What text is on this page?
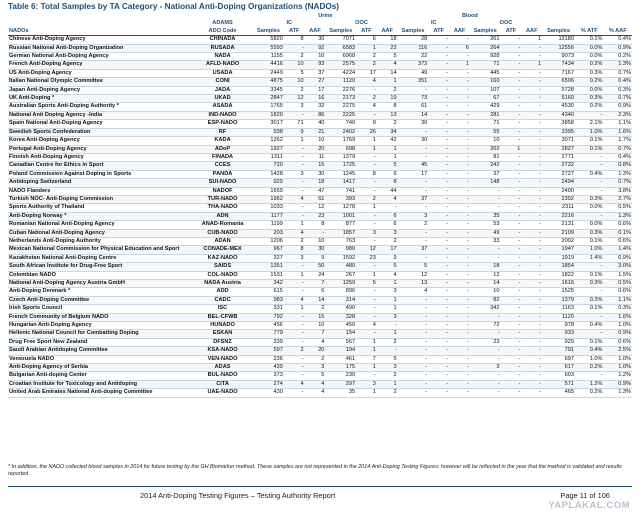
Table 6: Total Samples by TA Category - National Anti-Doping Organizations (NADOs)
		Urine						Blood								
	ADAMS	IC			OOC			IC			OOC					
NADOs	ADO Code	Samples	ATF	AAF	Samples	ATF	AAF	Samples	ATF	AAF	Samples	ATF	AAF	Samples	% ATF	% AAF
Chinese Anti-Doping Agency	CHINADA	5820	8	30	7071	6	18	28	-	-	261	-	1	13180	0.1%	0.4%
Russian National Anti-Doping Organization	RUSADA	5593	-	92	6583	1	22	116	-	6	264	-	-	12556	0.0%	0.9%
German National Anti-Doping Agency	NADA	1155	2	10	6968	2	5	22	-	-	928	-	-	9073	0.0%	0.2%
French Anti-Doping Agency	AFLD-NADO	4416	10	93	2575	2	4	372	-	1	71	-	1	7434	0.2%	1.3%
US Anti-Doping Agency	USADA	2449	5	37	4224	17	14	49	-	-	445	-	-	7167	0.3%	0.7%
Italian National Olympic Committee	CONI	4875	10	27	1120	4	1	351	-	-	160	-	-	6506	0.2%	0.4%
Japan Anti-Doping Agency	JADA	3345	2	17	2276	-	2	-	-	-	107	-	-	5728	0.0%	0.3%
UK Anti-Doping *	UKAD	2847	12	16	2173	2	19	73	-	-	67	-	-	5160	0.3%	0.7%
Australian Sports Anti-Doping Authority *	ASADA	1765	3	32	2275	4	8	61	-	-	429	-	-	4530	0.2%	0.9%
National Anti Doping Agency -India	IND-NADO	1820	-	86	2225	-	13	14	-	-	281	-	-	4340	-	2.3%
Spain National Anti-Doping Agency	ESP-NADO	3017	71	40	740	9	2	30	-	-	71	-	-	3858	2.1%	1.1%
Swedish Sports Confederation	RF	938	9	21	2402	26	34	-	-	-	55	-	-	3395	1.0%	1.6%
Korea Anti-Doping Agency	KADA	1262	1	10	1769	1	42	30	-	-	10	-	-	3071	0.1%	1.7%
Portugal Anti-Doping Agency	ADoP	1927	-	20	698	1	1	-	-	-	202	1	-	2827	0.1%	0.7%
Finnish Anti-Doping Agency	FINADA	1311	-	11	1379	-	1	-	-	-	81	-	-	2771	-	0.4%
Canadian Centre for Ethics in Sport	CCES	720	-	15	1725	-	5	45	-	-	242	-	-	2732	-	0.8%
Poland Commission Against Doping in Sports	PANDA	1428	3	30	1245	8	6	17	-	-	37	-	-	2727	0.4%	1.3%
Antidoping Switzerland	SUI-NADO	929	-	18	1417	-	8	-	-	-	148	-	-	2494	-	0.7%
NADO Flanders	NADOF	1659	-	47	741	-	44	-	-	-	-	-	-	2400	-	3.8%
Turkish NOC- Anti-Doping Commission	TUR-NADO	1962	4	61	393	2	4	37	-	-	-	-	-	2392	0.3%	2.7%
Sports Authority of Thailand	THA-NADO	1033	-	12	1278	1	-	-	-	-	-	-	-	2311	0.0%	0.5%
Anti-Doping Norway *	ADN	1177	-	23	1001	-	6	3	-	-	35	-	-	2216	-	1.3%
Romanian National Anti-Doping Agency	ANAD-Romania	1199	1	8	877	-	6	2	-	-	53	-	-	2131	0.0%	0.6%
Cuban National Anti-Doping Agency	CUB-NADO	203	4	-	1857	3	3	-	-	-	49	-	-	2109	0.3%	0.1%
Netherlands Anti-Doping Authority	ADAN	1206	2	10	763	-	2	-	-	-	33	-	-	2002	0.1%	0.6%
Mexican National Commission for Physical Education and Sport	CONADE-MEX	967	8	30	980	12	17	37	-	-	-	-	-	1947	1.0%	1.4%
Kazakhstan National Anti-Doping Centre	KAZ-NADO	327	3	9	1592	23	9	-	-	-	-	-	-	1919	1.4%	0.9%
South African Institute for Drug-Free Sport	SAIDS	1351	-	50	480	-	5	5	-	-	18	-	-	1854	-	3.0%
Colombian NADO	COL-NADO	1531	1	24	267	1	4	12	-	-	12	-	-	1822	0.1%	1.5%
National Anti-Doping Agency Austria GmbH	NADA Austria	342	-	7	1259	5	1	13	-	-	14	-	-	1616	0.3%	0.5%
Anti-Doping Denmark *	ADD	615	-	6	896	-	3	4	-	-	10	-	-	1525	-	0.6%
Czech Anti-Doping Committee	CADC	983	4	14	314	-	1	-	-	-	82	-	-	1379	0.3%	1.1%
Irish Sports Council	ISC	331	1	2	490	-	1	-	-	-	342	-	-	1163	0.1%	0.3%
French Community of Belgium NADO	BEL-CFWB	792	-	15	328	-	3	-	-	-	-	-	-	1120	-	1.6%
Hungarian Anti-Doping Agency	HUNADO	456	-	10	450	4	-	-	-	-	72	-	-	978	0.4%	1.0%
Hellenic National Council for Combatting Doping	ESKAN	779	-	7	154	-	1	-	-	-	-	-	-	933	-	0.9%
Drug Free Sport New Zealand	DFSNZ	339	-	4	567	1	2	-	-	-	23	-	-	929	0.1%	0.6%
Saudi Arabian Antidoping Committee	KSA-NADO	597	2	20	194	1	-	-	-	-	-	-	-	791	0.4%	2.5%
Venezuela NADO	VEN-NADO	236	-	2	461	7	5	-	-	-	-	-	-	697	1.0%	1.0%
Anti-Doping Agency of Serbia	ADAS	439	-	3	175	1	3	-	-	-	3	-	-	617	0.2%	1.0%
Bulgarian Anti-doping Center	BUL-NADO	373	-	5	230	-	2	-	-	-	-	-	-	603	-	1.2%
Croatian Institute for Toxicology and Antidoping	CITA	274	4	4	297	3	1	-	-	-	-	-	-	571	1.2%	0.9%
United Arab Emirates National Anti-doping Committee	UAE-NADO	430	-	4	35	1	2	-	-	-	-	-	-	465	0.2%	1.3%
* In addition, the NADO collected blood samples in 2014 for future testing by the GH Biomarker method. These samples are not represented in the 2014 Anti-Doping Testing Figures; however will be reflected in the year that the method is validated and results reported.
2014 Anti-Doping Testing Figures – Testing Authority Report	Page 11 of 106
YAPLAKAL.COM
